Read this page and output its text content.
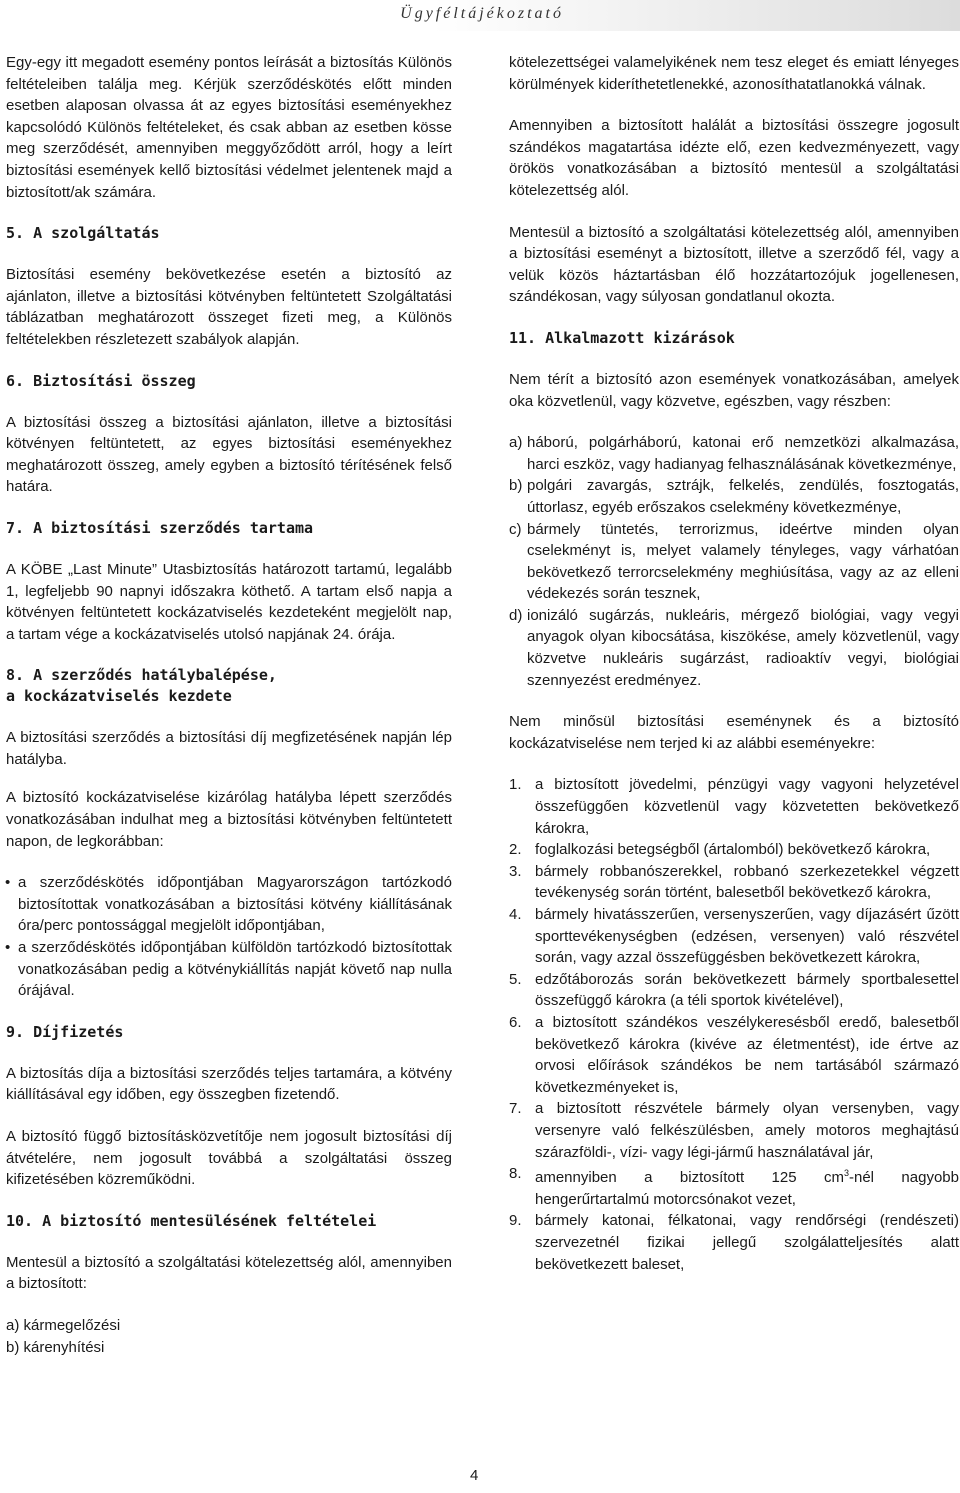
Ügyféltájékoztató

Egy-egy itt megadott esemény pontos leírását a biztosítás Különös feltételeiben találja meg. Kérjük szerződéskötés előtt minden esetben alaposan olvassa át az egyes biztosítási eseményekhez kapcsolódó Különös feltételeket, és csak abban az esetben kösse meg szerződését, amennyiben meggyőződött arról, hogy a leírt biztosítási események kellő biztosítási védelmet jelentenek majd a biztosított/ak számára.

5. A szolgáltatás

Biztosítási esemény bekövetkezése esetén a biztosító az ajánlaton, illetve a biztosítási kötvényben feltüntetett Szolgáltatási táblázatban meghatározott összeget fizeti meg, a Különös feltételekben részletezett szabályok alapján.

6. Biztosítási összeg

A biztosítási összeg a biztosítási ajánlaton, illetve a biztosítási kötvényen feltüntetett, az egyes biztosítási eseményekhez meghatározott összeg, amely egyben a biztosító térítésének felső határa.

7. A biztosítási szerződés tartama

A KÖBE „Last Minute” Utasbiztosítás határozott tartamú, legalább 1, legfeljebb 90 napnyi időszakra köthető. A tartam első napja a kötvényen feltüntetett kockázatviselés kezdeteként megjelölt nap, a tartam vége a kockázatviselés utolsó napjának 24. órája.

8. A szerződés hatálybalépése,
a kockázatviselés kezdete

A biztosítási szerződés a biztosítási díj megfizetésének napján lép hatályba.

A biztosító kockázatviselése kizárólag hatályba lépett szerződés vonatkozásában indulhat meg a biztosítási kötvényben feltüntetett napon, de legkorábban:

• a szerződéskötés időpontjában Magyarországon tartózkodó biztosítottak vonatkozásában a biztosítási kötvény kiállításának óra/perc pontossággal megjelölt időpontjában,

• a szerződéskötés időpontjában külföldön tartózkodó biztosítottak vonatkozásában pedig a kötvénykiállítás napját követő nap nulla órájával.

9. Díjfizetés

A biztosítás díja a biztosítási szerződés teljes tartamára, a kötvény kiállításával egy időben, egy összegben fizetendő.

A biztosító függő biztosításközvetítője nem jogosult biztosítási díj átvételére, nem jogosult továbbá a szolgáltatási összeg kifizetésében közreműködni.

10. A biztosító mentesülésének feltételei

Mentesül a biztosító a szolgáltatási kötelezettség alól, amennyiben a biztosított:

a) kármegelőzési

b) kárenyhítési

kötelezettségei valamelyikének nem tesz eleget és emiatt lényeges körülmények kideríthetetlenekké, azonosíthatatlanokká válnak.

Amennyiben a biztosított halálát a biztosítási összegre jogosult szándékos magatartása idézte elő, ezen kedvezményezett, vagy örökös vonatkozásában a biztosító mentesül a szolgáltatási kötelezettség alól.

Mentesül a biztosító a szolgáltatási kötelezettség alól, amennyiben a biztosítási eseményt a biztosított, illetve a szerződő fél, vagy a velük közös háztartásban élő hozzátartozójuk jogellenesen, szándékosan, vagy súlyosan gondatlanul okozta.

11. Alkalmazott kizárások

Nem térít a biztosító azon események vonatkozásában, amelyek oka közvetlenül, vagy közvetve, egészben, vagy részben:

a) háború, polgárháború, katonai erő nemzetközi alkalmazása, harci eszköz, vagy hadianyag felhasználásának következménye,

b) polgári zavargás, sztrájk, felkelés, zendülés, fosztogatás, úttorlasz, egyéb erőszakos cselekmény következménye,

c) bármely tüntetés, terrorizmus, ideértve minden olyan cselekményt is, melyet valamely tényleges, vagy várhatóan bekövetkező terrorcselekmény meghiúsítása, vagy az az elleni védekezés során tesznek,

d) ionizáló sugárzás, nukleáris, mérgező biológiai, vagy vegyi anyagok olyan kibocsátása, kiszökése, amely közvetlenül, vagy közvetve nukleáris sugárzást, radioaktív vegyi, biológiai szennyezést eredményez.

Nem minősül biztosítási eseménynek és a biztosító kockázatviselése nem terjed ki az alábbi eseményekre:

1. a biztosított jövedelmi, pénzügyi vagy vagyoni helyzetével összefüggően közvetlenül vagy közvetetten bekövetkező károkra,

2. foglalkozási betegségből (ártalomból) bekövetkező károkra,

3. bármely robbanószerekkel, robbanó szerkezetekkel végzett tevékenység során történt, balesetből bekövetkező károkra,

4. bármely hivatásszerűen, versenyszerűen, vagy díjazásért űzött sporttevékenységben (edzésen, versenyen) való részvétel során, vagy azzal összefüggésben bekövetkezett károkra,

5. edzőtáborozás során bekövetkezett bármely sportbalesettel összefüggő károkra (a téli sportok kivételével),

6. a biztosított szándékos veszélykeresésből eredő, balesetből bekövetkező károkra (kivéve az életmentést), ide értve az orvosi előírások szándékos be nem tartásából származó következményeket is,

7. a biztosított részvétele bármely olyan versenyben, vagy versenyre való felkészülésben, amely motoros meghajtású szárazföldi-, vízi- vagy légi-jármű használatával jár,

8. amennyiben a biztosított 125 $cm^3$-nél nagyobb hengerűrtartalmú motorcsónakot vezet,

9. bármely katonai, félkatonai, vagy rendőrségi (rendészeti) szervezetnél fizikai jellegű szolgálatteljesítés alatt bekövetkezett baleset,

4
